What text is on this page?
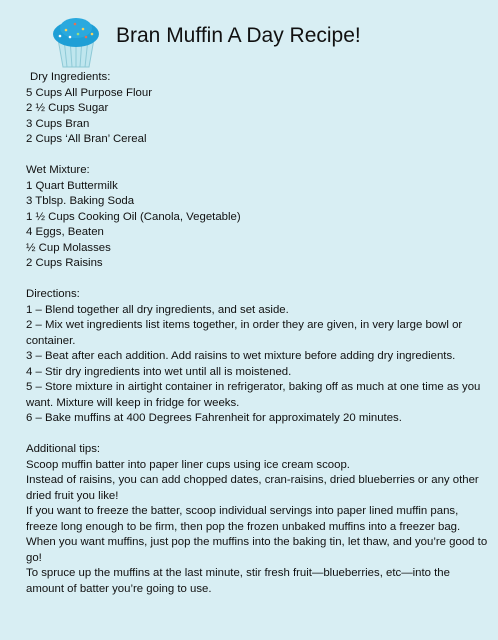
Bran Muffin A Day Recipe!
Dry Ingredients:
5 Cups All Purpose Flour
2 ½ Cups Sugar
3 Cups Bran
2 Cups ‘All Bran’ Cereal
Wet Mixture:
1 Quart Buttermilk
3 Tblsp. Baking Soda
1 ½ Cups Cooking Oil (Canola, Vegetable)
4 Eggs, Beaten
½ Cup Molasses
2 Cups Raisins
Directions:
1 – Blend together all dry ingredients, and set aside.
2 – Mix wet ingredients list items together, in order they are given, in very large bowl or container.
3 – Beat after each addition. Add raisins to wet mixture before adding dry ingredients.
4 – Stir dry ingredients into wet until all is moistened.
5 – Store mixture in airtight container in refrigerator, baking off as much at one time as you want. Mixture will keep in fridge for weeks.
6 – Bake muffins at 400 Degrees Fahrenheit for approximately 20 minutes.
Additional tips:
Scoop muffin batter into paper liner cups using ice cream scoop.
Instead of raisins, you can add chopped dates, cran-raisins, dried blueberries or any other dried fruit you like!
If you want to freeze the batter, scoop individual servings into paper lined muffin pans, freeze long enough to be firm, then pop the frozen unbaked muffins into a freezer bag. When you want muffins, just pop the muffins into the baking tin, let thaw, and you’re good to go!
To spruce up the muffins at the last minute, stir fresh fruit—blueberries, etc—into the amount of batter you’re going to use.
